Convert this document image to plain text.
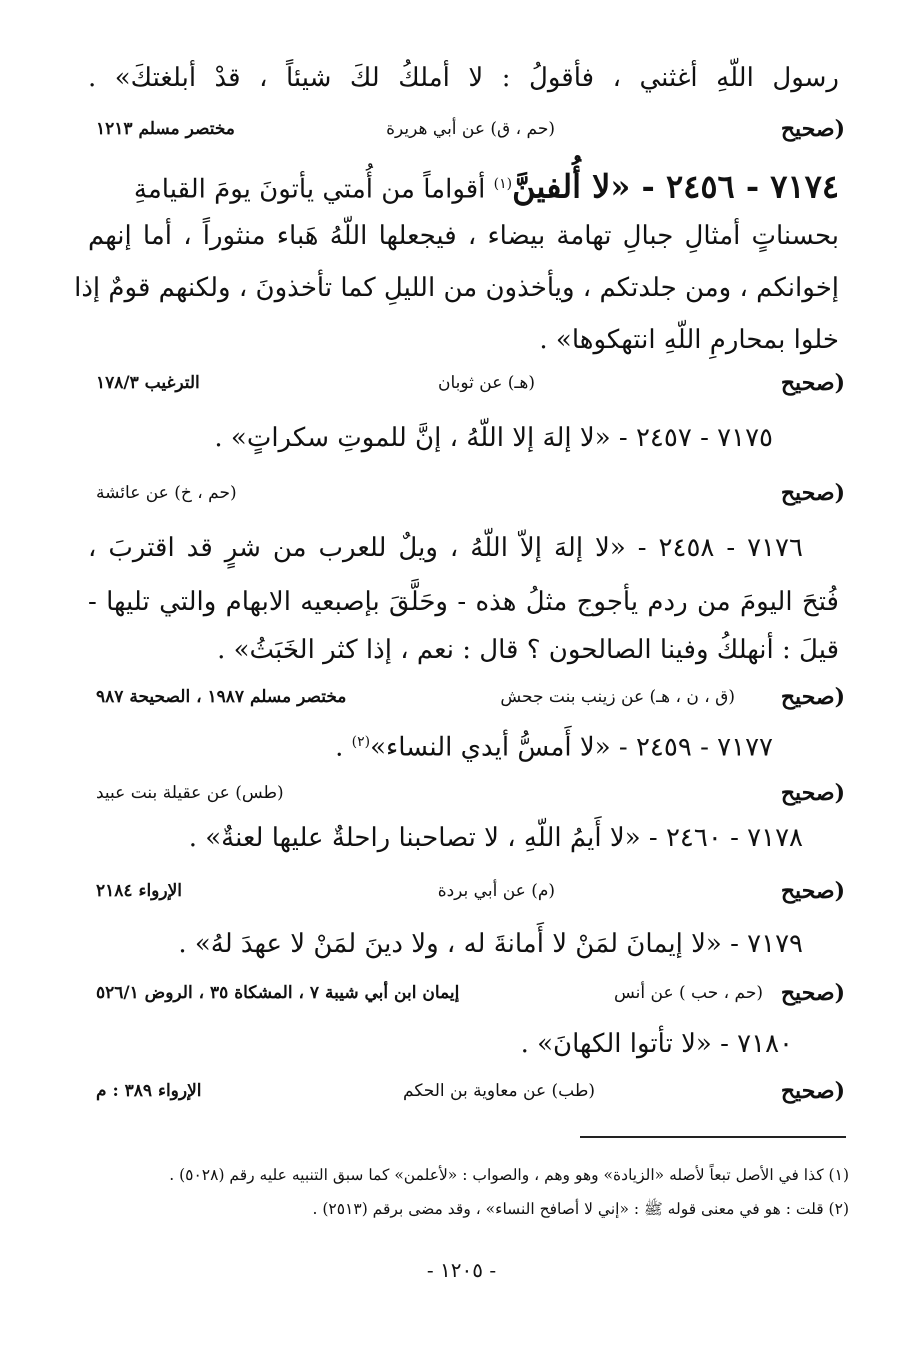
رسول اللّهِ أغثني ، فأقولُ : لا أملكُ لكَ شيئاً ، قدْ أبلغتكَ» .
(صحيح
(حم ، ق) عن أبي هريرة
مختصر مسلم ١٢١٣
٧١٧٤ - ٢٤٥٦ - «لا أُلفينَّ$^{(١)}$ أقواماً من أُمتي يأتونَ يومَ القيامةِ
بحسناتٍ أمثالِ جبالِ تهامة بيضاء ، فيجعلها اللّهُ هَباء منثوراً ، أما إنهم
إخوانكم ، ومن جلدتكم ، ويأخذون من الليلِ كما تأخذونَ ، ولكنهم قومٌ إذا
خلوا بمحارمِ اللّهِ انتهكوها» .
(صحيح
(هـ) عن ثوبان
الترغيب ١٧٨/٣
٧١٧٥ - ٢٤٥٧ - «لا إلهَ إلا اللّهُ ، إنَّ للموتِ سكراتٍ» .
(صحيح
(حم ، خ) عن عائشة
٧١٧٦ - ٢٤٥٨ - «لا إلهَ إلاّ اللّهُ ، ويلٌ للعرب من شرٍ قد اقتربَ ،
فُتحَ اليومَ من ردم يأجوج مثلُ هذه - وحَلَّقَ بإصبعيه الابهام والتي تليها -
قيلَ : أنهلكُ وفينا الصالحون ؟ قال : نعم ، إذا كثر الخَبَثُ» .
(صحيح
(ق ، ن ، هـ) عن زينب بنت جحش
مختصر مسلم ١٩٨٧ ، الصحيحة ٩٨٧
٧١٧٧ - ٢٤٥٩ - «لا أَمسُّ أيدي النساء»$^{(٢)}$ .
(صحيح
(طس) عن عقيلة بنت عبيد
٧١٧٨ - ٢٤٦٠ - «لا أَيمُ اللّهِ ، لا تصاحبنا راحلةٌ عليها لعنةٌ» .
(صحيح
(م) عن أبي بردة
الإرواء ٢١٨٤
٧١٧٩ - «لا إيمانَ لمَنْ لا أَمانةَ له ، ولا دينَ لمَنْ لا عهدَ لهُ» .
(صحيح
(حم ، حب ) عن أنس
إيمان ابن أبي شيبة ٧ ، المشكاة ٣٥ ، الروض ٥٢٦/١
٧١٨٠ - «لا تأتوا الكهانَ» .
(صحيح
(طب) عن معاوية بن الحكم
الإرواء ٣٨٩ : م
(١) كذا في الأصل تبعاً لأصله «الزيادة» وهو وهم ، والصواب : «لأعلمن» كما سبق التنبيه عليه رقم (٥٠٢٨) .
(٢) قلت : هو في معنى قوله ﷺ : «إني لا أصافح النساء» ، وقد مضى برقم (٢٥١٣) .
- ١٢٠٥ -
